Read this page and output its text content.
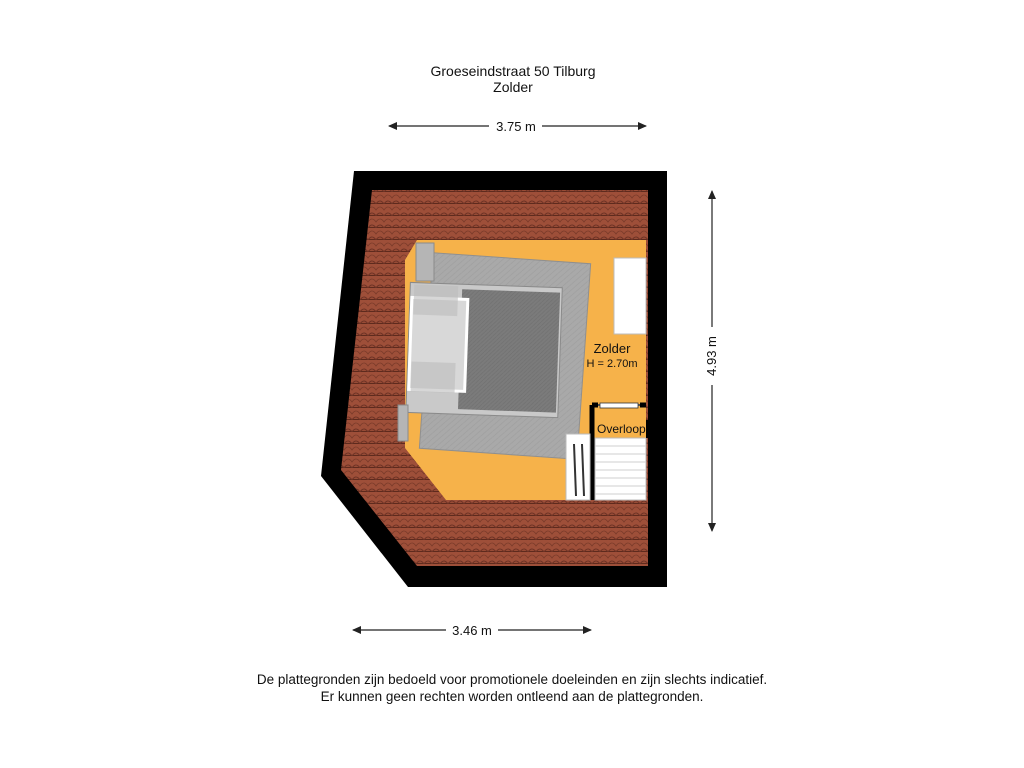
Groeseindstraat 50 Tilburg
Zolder
Zolder
H = 2.70m
Overloop
3.75 m
4.93 m
3.46 m
De plattegronden zijn bedoeld voor promotionele doeleinden en zijn slechts indicatief.
Er kunnen geen rechten worden ontleend aan de plattegronden.
